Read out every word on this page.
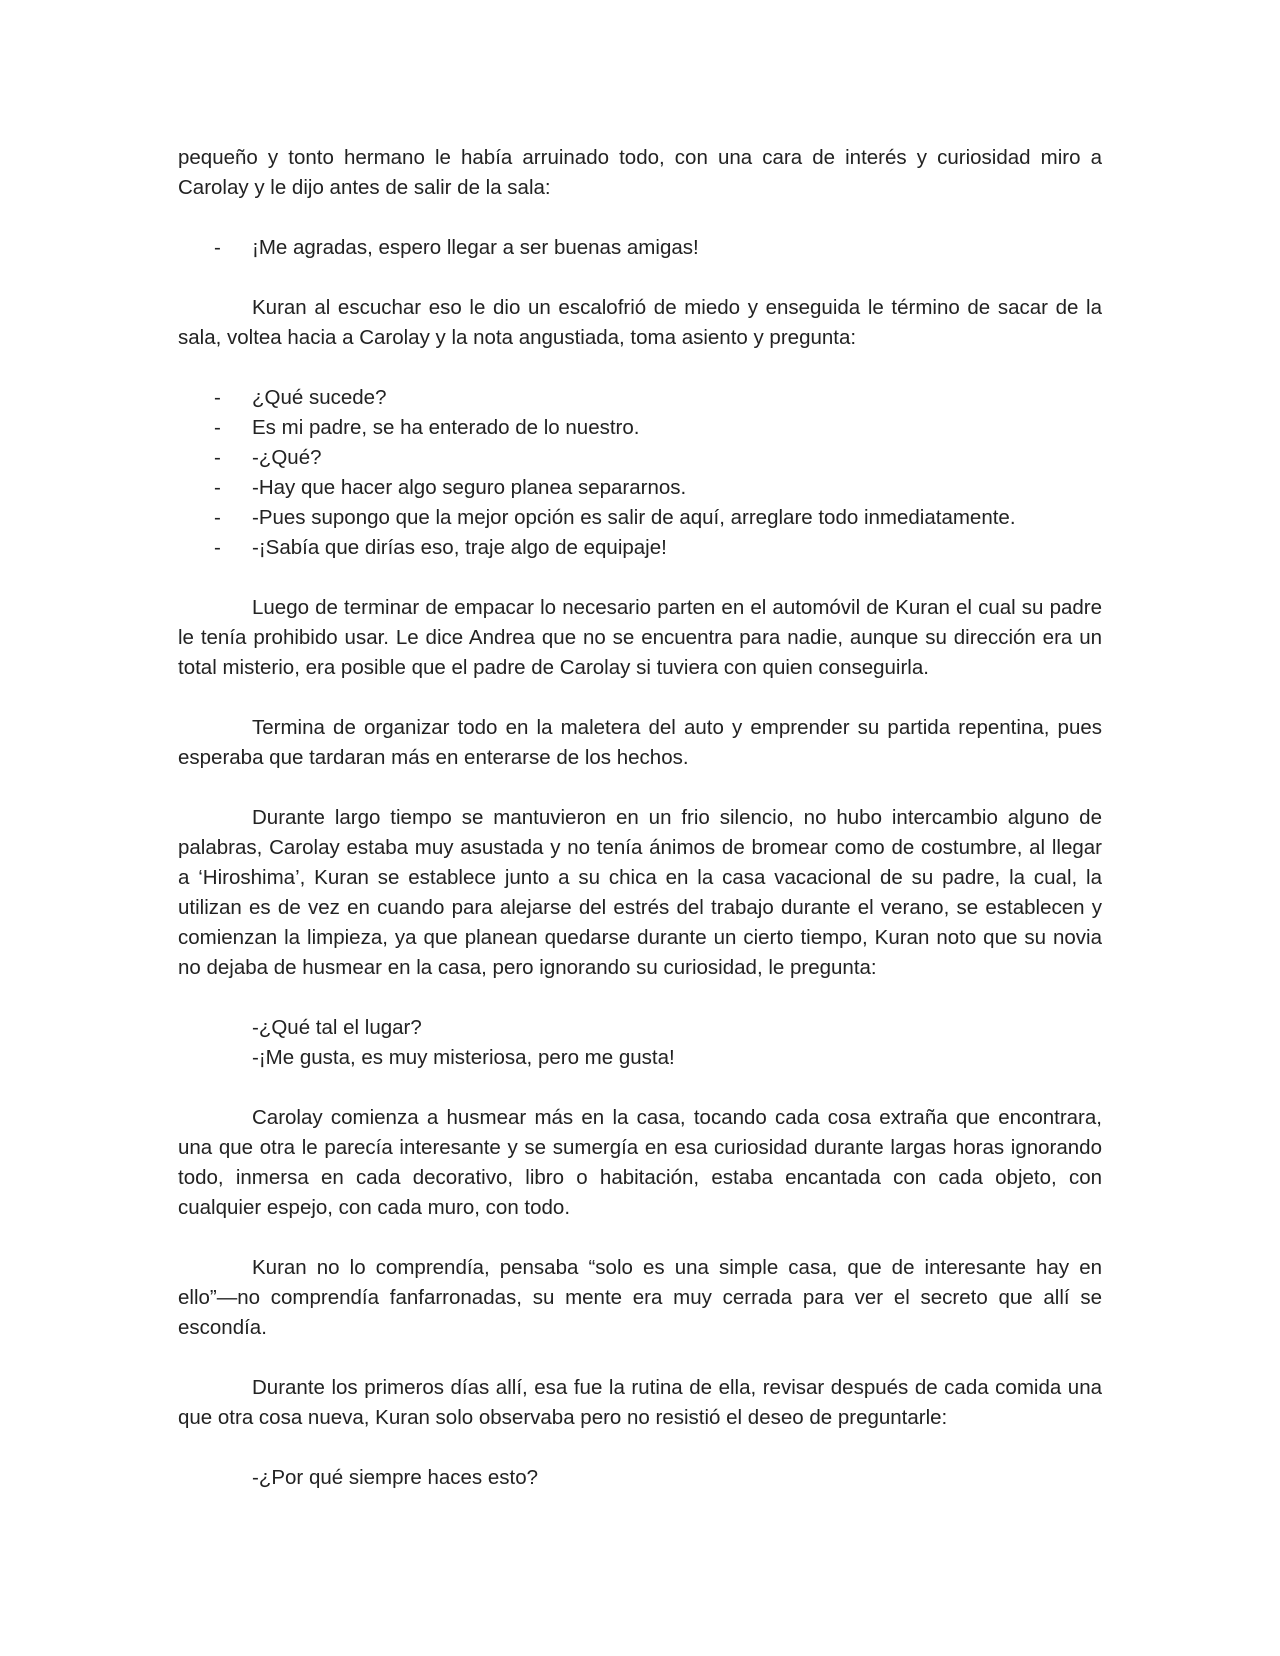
pequeño y tonto hermano le había arruinado todo, con una cara de interés y curiosidad miro a Carolay y le dijo antes de salir de la sala:

- ¡Me agradas, espero llegar a ser buenas amigas!

Kuran al escuchar eso le dio un escalofrió de miedo y enseguida le término de sacar de la sala, voltea hacia a Carolay y la nota angustiada, toma asiento y pregunta:

- ¿Qué sucede?
- Es mi padre, se ha enterado de lo nuestro.
- -¿Qué?
- -Hay que hacer algo seguro planea separarnos.
- -Pues supongo que la mejor opción es salir de aquí, arreglare todo inmediatamente.
- -¡Sabía que dirías eso, traje algo de equipaje!

Luego de terminar de empacar lo necesario parten en el automóvil de Kuran el cual su padre le tenía prohibido usar. Le dice Andrea que no se encuentra para nadie, aunque su dirección era un total misterio, era posible que el padre de Carolay si tuviera con quien conseguirla.

Termina de organizar todo en la maletera del auto y emprender su partida repentina, pues esperaba que tardaran más en enterarse de los hechos.

Durante largo tiempo se mantuvieron en un frio silencio, no hubo intercambio alguno de palabras, Carolay estaba muy asustada y no tenía ánimos de bromear como de costumbre, al llegar a ‘Hiroshima’, Kuran se establece junto a su chica en la casa vacacional de su padre, la cual, la utilizan es de vez en cuando para alejarse del estrés del trabajo durante el verano, se establecen y comienzan la limpieza, ya que planean quedarse durante un cierto tiempo, Kuran noto que su novia no dejaba de husmear en la casa, pero ignorando su curiosidad, le pregunta:

-¿Qué tal el lugar?
-¡Me gusta, es muy misteriosa, pero me gusta!

Carolay comienza a husmear más en la casa, tocando cada cosa extraña que encontrara, una que otra le parecía interesante y se sumergía en esa curiosidad durante largas horas ignorando todo, inmersa en cada decorativo, libro o habitación, estaba encantada con cada objeto, con cualquier espejo, con cada muro, con todo.

Kuran no lo comprendía, pensaba “solo es una simple casa, que de interesante hay en ello”—no comprendía fanfarronadas, su mente era muy cerrada para ver el secreto que allí se escondía.

Durante los primeros días allí, esa fue la rutina de ella, revisar después de cada comida una que otra cosa nueva, Kuran solo observaba pero no resistió el deseo de preguntarle:

-¿Por qué siempre haces esto?
